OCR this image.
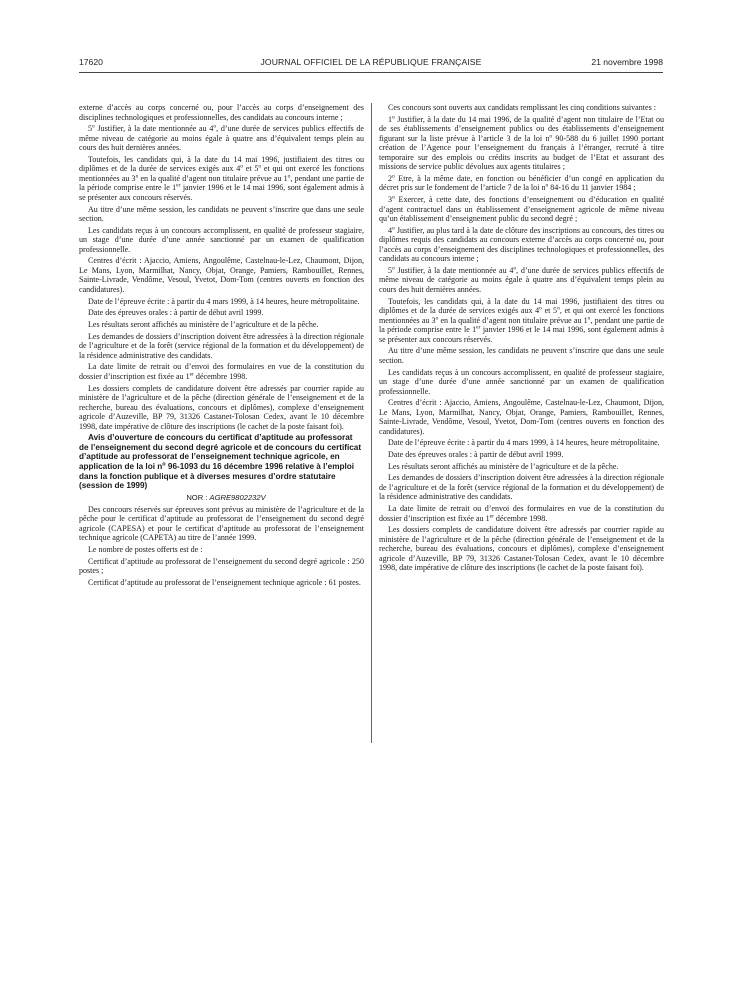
17620	JOURNAL OFFICIEL DE LA RÉPUBLIQUE FRANÇAISE	21 novembre 1998

externe d’accès au corps concerné ou, pour l’accès au corps d’enseignement des disciplines technologiques et professionnelles, des candidats au concours interne ;

5$^o$ Justifier, à la date mentionnée au 4$^o$, d’une durée de services publics effectifs de même niveau de catégorie au moins égale à quatre ans d’équivalent temps plein au cours des huit dernières années.

Toutefois, les candidats qui, à la date du 14 mai 1996, justifiaient des titres ou diplômes et de la durée de services exigés aux 4$^o$ et 5$^o$ et qui ont exercé les fonctions mentionnées au 3$^o$ en la qualité d’agent non titulaire prévue au 1$^o$, pendant une partie de la période comprise entre le 1er janvier 1996 et le 14 mai 1996, sont également admis à se présenter aux concours réservés.

Au titre d’une même session, les candidats ne peuvent s’inscrire que dans une seule section.

Les candidats reçus à un concours accomplissent, en qualité de professeur stagiaire, un stage d’une durée d’une année sanctionné par un examen de qualification professionnelle.

Centres d’écrit : Ajaccio, Amiens, Angoulême, Castelnau-le-Lez, Chaumont, Dijon, Le Mans, Lyon, Marmilhat, Nancy, Objat, Orange, Pamiers, Rambouillet, Rennes, Sainte-Livrade, Vendôme, Vesoul, Yvetot, Dom-Tom (centres ouverts en fonction des candidatures).

Date de l’épreuve écrite : à partir du 4 mars 1999, à 14 heures, heure métropolitaine.

Date des épreuves orales : à partir de début avril 1999.

Les résultats seront affichés au ministère de l’agriculture et de la pêche.

Les demandes de dossiers d’inscription doivent être adressées à la direction régionale de l’agriculture et de la forêt (service régional de la formation et du développement) de la résidence administrative des candidats.

La date limite de retrait ou d’envoi des formulaires en vue de la constitution du dossier d’inscription est fixée au 1er décembre 1998.

Les dossiers complets de candidature doivent être adressés par courrier rapide au ministère de l’agriculture et de la pêche (direction générale de l’enseignement et de la recherche, bureau des évaluations, concours et diplômes), complexe d’enseignement agricole d’Auzeville, BP 79, 31326 Castanet-Tolosan Cedex, avant le 10 décembre 1998, date impérative de clôture des inscriptions (le cachet de la poste faisant foi).

Avis d’ouverture de concours du certificat d’aptitude au professorat de l’enseignement du second degré agricole et de concours du certificat d’aptitude au professorat de l’enseignement technique agricole, en application de la loi $n^o$ 96-1093 du 16 décembre 1996 relative à l’emploi dans la fonction publique et à diverses mesures d’ordre statutaire (session de 1999)

NOR : AGRE9802232V

Des concours réservés sur épreuves sont prévus au ministère de l’agriculture et de la pêche pour le certificat d’aptitude au professorat de l’enseignement du second degré agricole (CAPESA) et pour le certificat d’aptitude au professorat de l’enseignement technique agricole (CAPETA) au titre de l’année 1999.

Le nombre de postes offerts est de :

Certificat d’aptitude au professorat de l’enseignement du second degré agricole : 250 postes ;

Certificat d’aptitude au professorat de l’enseignement technique agricole : 61 postes.

Ces concours sont ouverts aux candidats remplissant les cinq conditions suivantes :

1$^o$ Justifier, à la date du 14 mai 1996, de la qualité d’agent non titulaire de l’Etat ou de ses établissements d’enseignement publics ou des établissements d’enseignement figurant sur la liste prévue à l’article 3 de la loi $n^o$ 90-588 du 6 juillet 1990 portant création de l’Agence pour l’enseignement du français à l’étranger, recruté à titre temporaire sur des emplois ou crédits inscrits au budget de l’Etat et assurant des missions de service public dévolues aux agents titulaires ;

2$^o$ Etre, à la même date, en fonction ou bénéficier d’un congé en application du décret pris sur le fondement de l’article 7 de la loi $n^o$ 84-16 du 11 janvier 1984 ;

3$^o$ Exercer, à cette date, des fonctions d’enseignement ou d’éducation en qualité d’agent contractuel dans un établissement d’enseignement agricole de même niveau qu’un établissement d’enseignement public du second degré ;

4$^o$ Justifier, au plus tard à la date de clôture des inscriptions au concours, des titres ou diplômes requis des candidats au concours externe d’accès au corps concerné ou, pour l’accès au corps d’enseignement des disciplines technologiques et professionnelles, des candidats au concours interne ;

5$^o$ Justifier, à la date mentionnée au 4$^o$, d’une durée de services publics effectifs de même niveau de catégorie au moins égale à quatre ans d’équivalent temps plein au cours des huit dernières années.

Toutefois, les candidats qui, à la date du 14 mai 1996, justifiaient des titres ou diplômes et de la durée de services exigés aux 4$^o$ et 5$^o$, et qui ont exercé les fonctions mentionnées au 3$^o$ en la qualité d’agent non titulaire prévue au 1$^o$, pendant une partie de la période comprise entre le 1er janvier 1996 et le 14 mai 1996, sont également admis à se présenter aux concours réservés.

Au titre d’une même session, les candidats ne peuvent s’inscrire que dans une seule section.

Les candidats reçus à un concours accomplissent, en qualité de professeur stagiaire, un stage d’une durée d’une année sanctionné par un examen de qualification professionnelle.

Centres d’écrit : Ajaccio, Amiens, Angoulême, Castelnau-le-Lez, Chaumont, Dijon, Le Mans, Lyon, Marmilhat, Nancy, Objat, Orange, Pamiers, Rambouillet, Rennes, Sainte-Livrade, Vendôme, Vesoul, Yvetot, Dom-Tom (centres ouverts en fonction des candidatures).

Date de l’épreuve écrite : à partir du 4 mars 1999, à 14 heures, heure métropolitaine.

Date des épreuves orales : à partir de début avril 1999.

Les résultats seront affichés au ministère de l’agriculture et de la pêche.

Les demandes de dossiers d’inscription doivent être adressées à la direction régionale de l’agriculture et de la forêt (service régional de la formation et du développement) de la résidence administrative des candidats.

La date limite de retrait ou d’envoi des formulaires en vue de la constitution du dossier d’inscription est fixée au 1er décembre 1998.

Les dossiers complets de candidature doivent être adressés par courrier rapide au ministère de l’agriculture et de la pêche (direction générale de l’enseignement et de la recherche, bureau des évaluations, concours et diplômes), complexe d’enseignement agricole d’Auzeville, BP 79, 31326 Castanet-Tolosan Cedex, avant le 10 décembre 1998, date impérative de clôture des inscriptions (le cachet de la poste faisant foi).
